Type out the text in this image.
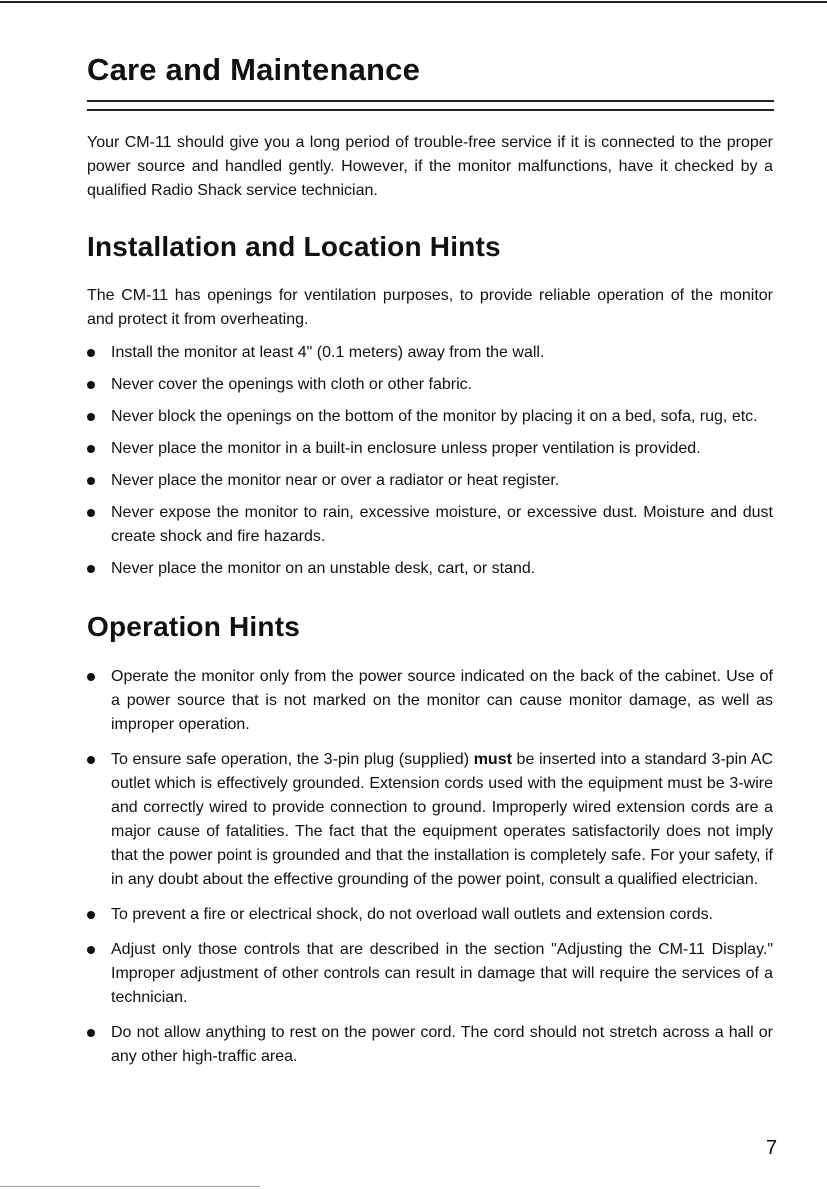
Care and Maintenance

Your CM-11 should give you a long period of trouble-free service if it is connected to the proper power source and handled gently. However, if the monitor malfunctions, have it checked by a qualified Radio Shack service technician.

Installation and Location Hints

The CM-11 has openings for ventilation purposes, to provide reliable operation of the monitor and protect it from overheating.

Install the monitor at least 4" (0.1 meters) away from the wall.
Never cover the openings with cloth or other fabric.
Never block the openings on the bottom of the monitor by placing it on a bed, sofa, rug, etc.
Never place the monitor in a built-in enclosure unless proper ventilation is provided.
Never place the monitor near or over a radiator or heat register.
Never expose the monitor to rain, excessive moisture, or excessive dust. Moisture and dust create shock and fire hazards.
Never place the monitor on an unstable desk, cart, or stand.
Operation Hints
Operate the monitor only from the power source indicated on the back of the cabinet. Use of a power source that is not marked on the monitor can cause monitor damage, as well as improper operation.
To ensure safe operation, the 3-pin plug (supplied) must be inserted into a standard 3-pin AC outlet which is effectively grounded. Extension cords used with the equipment must be 3-wire and correctly wired to provide connection to ground. Improperly wired extension cords are a major cause of fatalities. The fact that the equipment operates satisfactorily does not imply that the power point is grounded and that the installation is completely safe. For your safety, if in any doubt about the effective grounding of the power point, consult a qualified electrician.
To prevent a fire or electrical shock, do not overload wall outlets and extension cords.
Adjust only those controls that are described in the section "Adjusting the CM-11 Display." Improper adjustment of other controls can result in damage that will require the services of a technician.
Do not allow anything to rest on the power cord. The cord should not stretch across a hall or any other high-traffic area.
7
